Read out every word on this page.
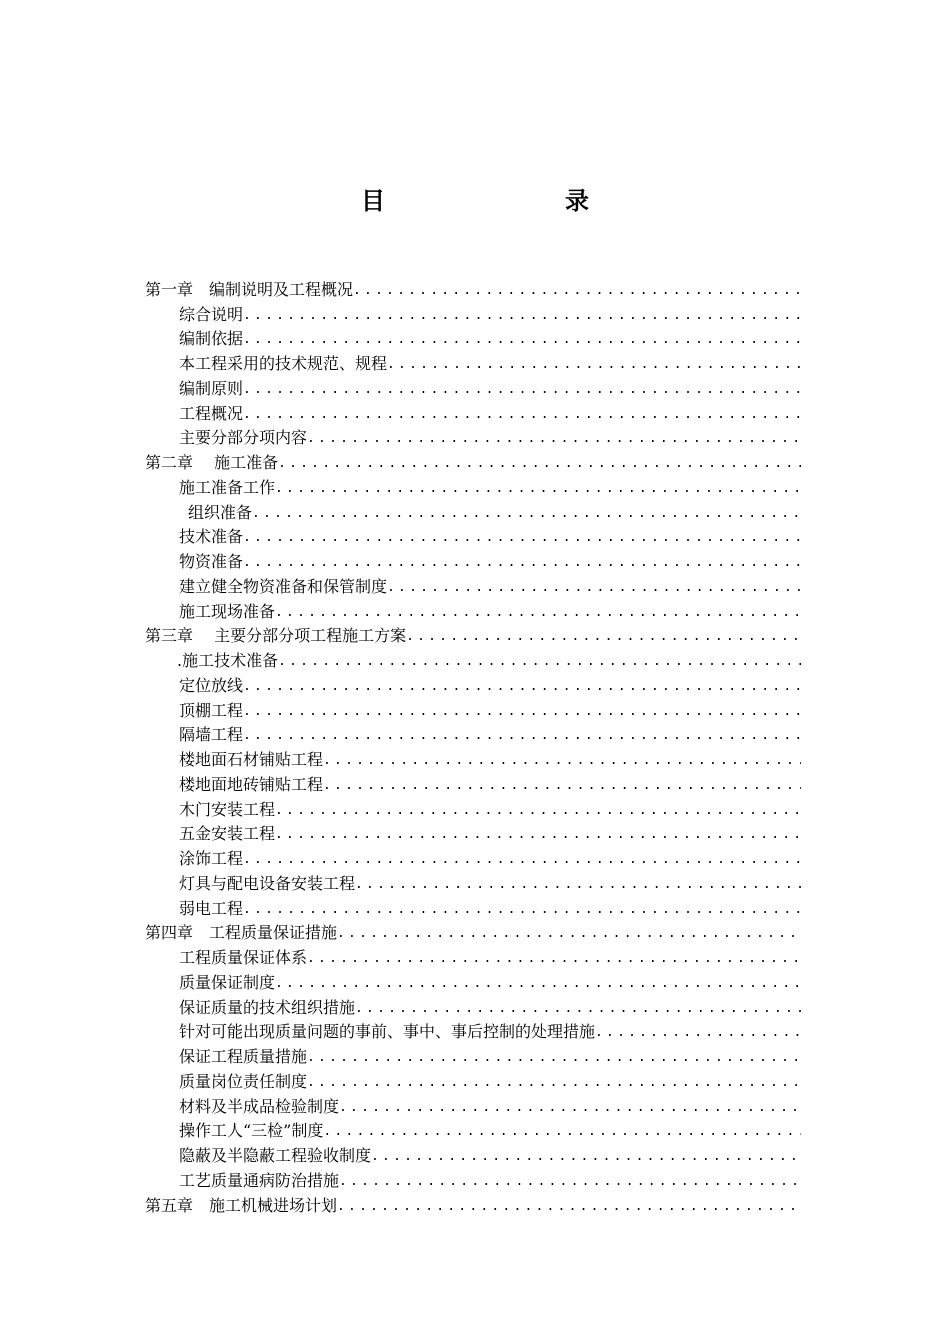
目　录
第一章　编制说明及工程概况
.....
综合说明
.....
编制依据
.....
本工程采用的技术规范、规程
.....
编制原则
.....
工程概况
.....
主要分部分项内容
.....
第二章　 施工准备
.....
施工准备工作
.....
组织准备
.....
技术准备
.....
物资准备
.....
建立健全物资准备和保管制度
.....
施工现场准备
.....
第三章　 主要分部分项工程施工方案
.....
.施工技术准备
.....
定位放线
.....
顶棚工程
.....
隔墙工程
.....
楼地面石材铺贴工程
.....
楼地面地砖铺贴工程
.....
木门安装工程
.....
五金安装工程
.....
涂饰工程
.....
灯具与配电设备安装工程
.....
弱电工程
.....
第四章　工程质量保证措施
.....
工程质量保证体系
.....
质量保证制度
.....
保证质量的技术组织措施
.....
针对可能出现质量问题的事前、事中、事后控制的处理措施
.....
保证工程质量措施
.....
质量岗位责任制度
.....
材料及半成品检验制度
.....
操作工人“三检”制度
.....
隐蔽及半隐蔽工程验收制度
.....
工艺质量通病防治措施
.....
第五章　施工机械进场计划
.....
